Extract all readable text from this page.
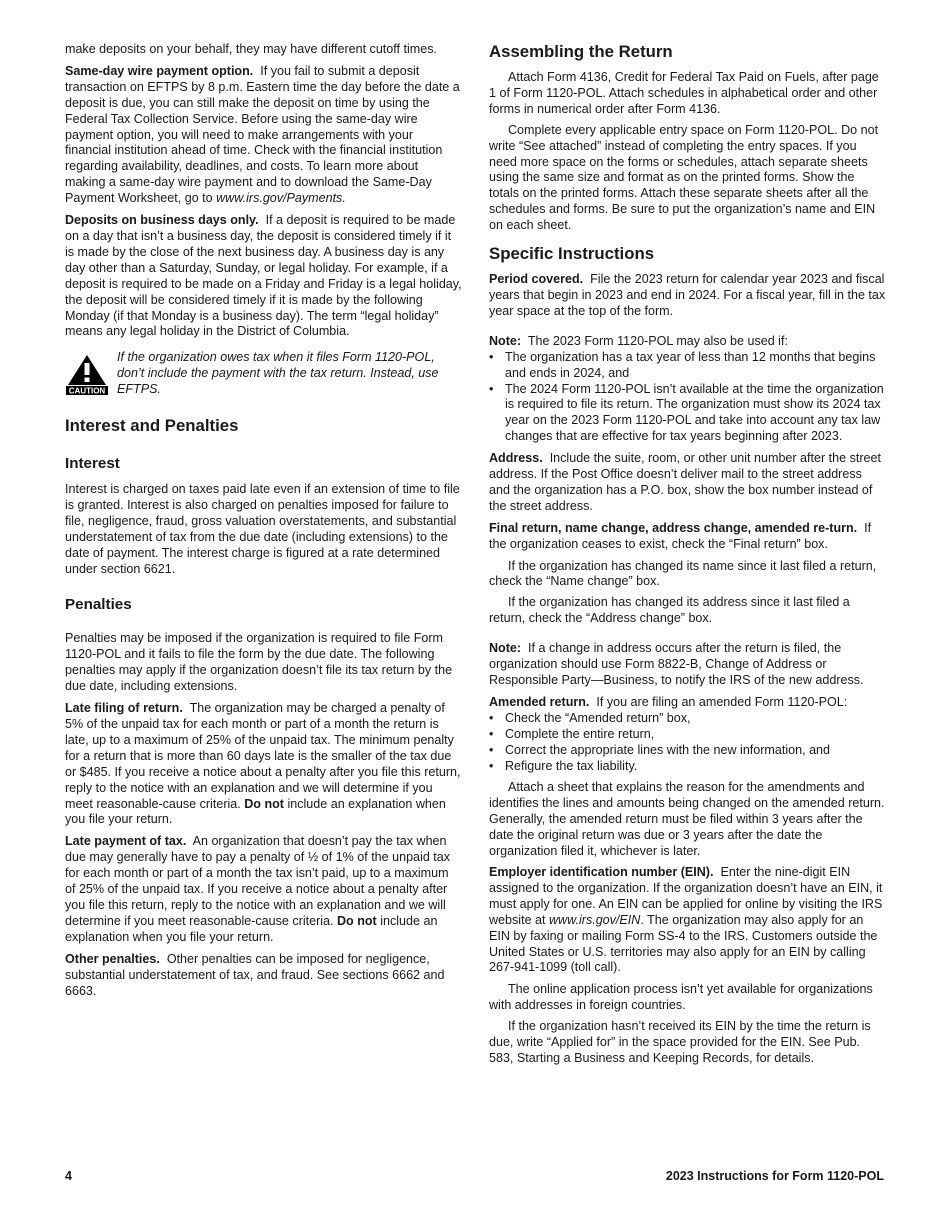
make deposits on your behalf, they may have different cutoff times.

Same-day wire payment option. If you fail to submit a deposit transaction on EFTPS by 8 p.m. Eastern time the day before the date a deposit is due, you can still make the deposit on time by using the Federal Tax Collection Service. Before using the same-day wire payment option, you will need to make arrangements with your financial institution ahead of time. Check with the financial institution regarding availability, deadlines, and costs. To learn more about making a same-day wire payment and to download the Same-Day Payment Worksheet, go to www.irs.gov/Payments.

Deposits on business days only. If a deposit is required to be made on a day that isn’t a business day, the deposit is considered timely if it is made by the close of the next business day. A business day is any day other than a Saturday, Sunday, or legal holiday. For example, if a deposit is required to be made on a Friday and Friday is a legal holiday, the deposit will be considered timely if it is made by the following Monday (if that Monday is a business day). The term “legal holiday” means any legal holiday in the District of Columbia.

CAUTION
If the organization owes tax when it files Form 1120-POL, don’t include the payment with the tax return. Instead, use EFTPS.
Interest and Penalties
Interest

Interest is charged on taxes paid late even if an extension of time to file is granted. Interest is also charged on penalties imposed for failure to file, negligence, fraud, gross valuation overstatements, and substantial understatement of tax from the due date (including extensions) to the date of payment. The interest charge is figured at a rate determined under section 6621.

Penalties

Penalties may be imposed if the organization is required to file Form 1120-POL and it fails to file the form by the due date. The following penalties may apply if the organization doesn’t file its tax return by the due date, including extensions.

Late filing of return. The organization may be charged a penalty of 5% of the unpaid tax for each month or part of a month the return is late, up to a maximum of 25% of the unpaid tax. The minimum penalty for a return that is more than 60 days late is the smaller of the tax due or $485. If you receive a notice about a penalty after you file this return, reply to the notice with an explanation and we will determine if you meet reasonable-cause criteria. Do not include an explanation when you file your return.

Late payment of tax. An organization that doesn’t pay the tax when due may generally have to pay a penalty of ½ of 1% of the unpaid tax for each month or part of a month the tax isn’t paid, up to a maximum of 25% of the unpaid tax. If you receive a notice about a penalty after you file this return, reply to the notice with an explanation and we will determine if you meet reasonable-cause criteria. Do not include an explanation when you file your return.

Other penalties. Other penalties can be imposed for negligence, substantial understatement of tax, and fraud. See sections 6662 and 6663.

Assembling the Return

Attach Form 4136, Credit for Federal Tax Paid on Fuels, after page 1 of Form 1120-POL. Attach schedules in alphabetical order and other forms in numerical order after Form 4136.

Complete every applicable entry space on Form 1120-POL. Do not write “See attached” instead of completing the entry spaces. If you need more space on the forms or schedules, attach separate sheets using the same size and format as on the printed forms. Show the totals on the printed forms. Attach these separate sheets after all the schedules and forms. Be sure to put the organization’s name and EIN on each sheet.

Specific Instructions

Period covered. File the 2023 return for calendar year 2023 and fiscal years that begin in 2023 and end in 2024. For a fiscal year, fill in the tax year space at the top of the form.

Note: The 2023 Form 1120-POL may also be used if:

• The organization has a tax year of less than 12 months that begins and ends in 2024, and

• The 2024 Form 1120-POL isn’t available at the time the organization is required to file its return. The organization must show its 2024 tax year on the 2023 Form 1120-POL and take into account any tax law changes that are effective for tax years beginning after 2023.

Address. Include the suite, room, or other unit number after the street address. If the Post Office doesn’t deliver mail to the street address and the organization has a P.O. box, show the box number instead of the street address.

Final return, name change, address change, amended re-turn. If the organization ceases to exist, check the “Final return” box.

If the organization has changed its name since it last filed a return, check the “Name change” box.

If the organization has changed its address since it last filed a return, check the “Address change” box.

Note: If a change in address occurs after the return is filed, the organization should use Form 8822-B, Change of Address or Responsible Party—Business, to notify the IRS of the new address.

Amended return. If you are filing an amended Form 1120-POL:

• Check the “Amended return” box,

• Complete the entire return,

• Correct the appropriate lines with the new information, and

• Refigure the tax liability.

Attach a sheet that explains the reason for the amendments and identifies the lines and amounts being changed on the amended return. Generally, the amended return must be filed within 3 years after the date the original return was due or 3 years after the date the organization filed it, whichever is later.

Employer identification number (EIN). Enter the nine-digit EIN assigned to the organization. If the organization doesn’t have an EIN, it must apply for one. An EIN can be applied for online by visiting the IRS website at www.irs.gov/EIN. The organization may also apply for an EIN by faxing or mailing Form SS-4 to the IRS. Customers outside the United States or U.S. territories may also apply for an EIN by calling 267-941-1099 (toll call).

The online application process isn’t yet available for organizations with addresses in foreign countries.

If the organization hasn’t received its EIN by the time the return is due, write “Applied for” in the space provided for the EIN. See Pub. 583, Starting a Business and Keeping Records, for details.

4	2023 Instructions for Form 1120-POL
